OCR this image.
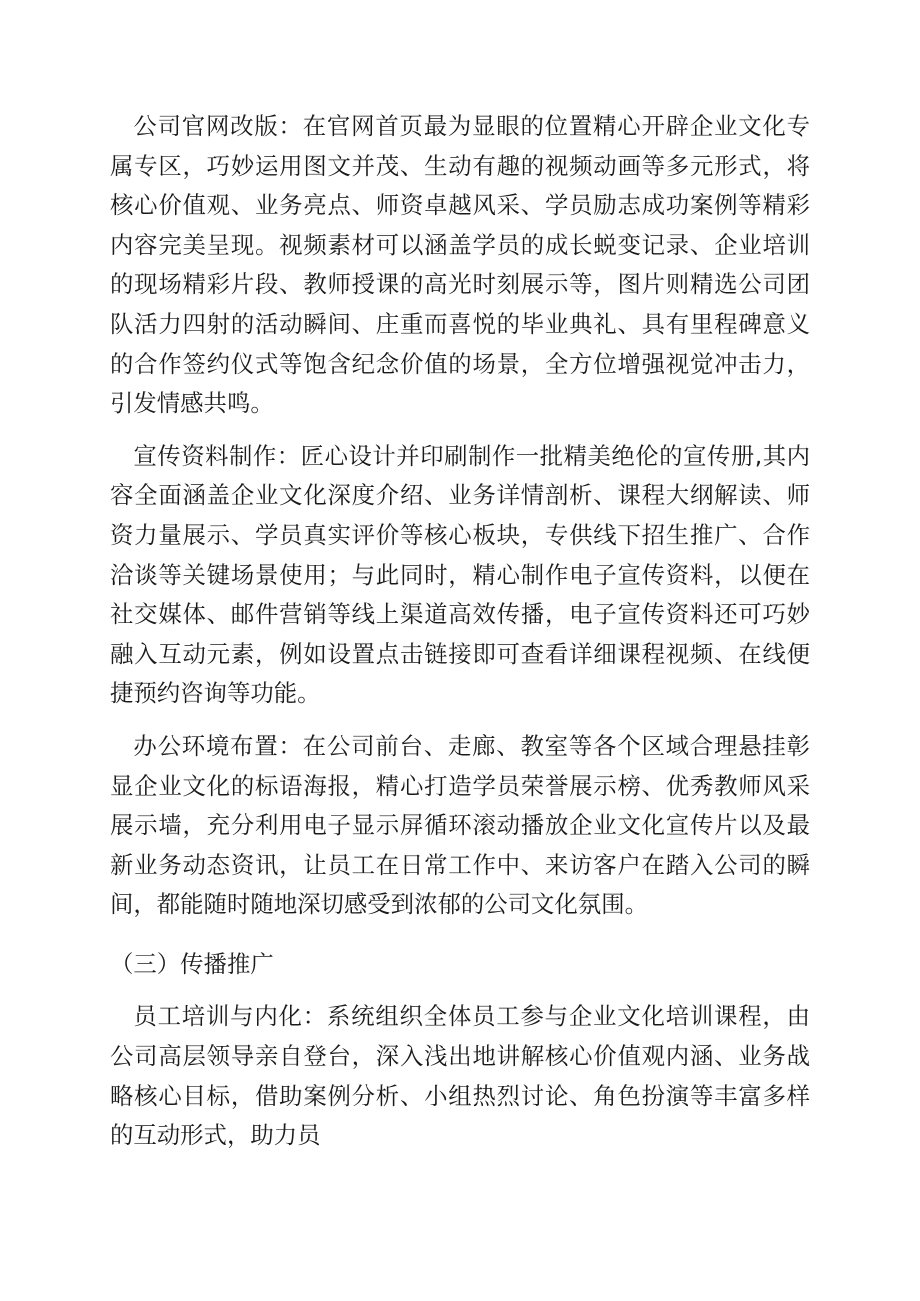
公司官网改版：在官网首页最为显眼的位置精心开辟企业文化专属专区，巧妙运用图文并茂、生动有趣的视频动画等多元形式，将核心价值观、业务亮点、师资卓越风采、学员励志成功案例等精彩内容完美呈现。视频素材可以涵盖学员的成长蜕变记录、企业培训的现场精彩片段、教师授课的高光时刻展示等，图片则精选公司团队活力四射的活动瞬间、庄重而喜悦的毕业典礼、具有里程碑意义的合作签约仪式等饱含纪念价值的场景，全方位增强视觉冲击力，引发情感共鸣。

宣传资料制作：匠心设计并印刷制作一批精美绝伦的宣传册,其内容全面涵盖企业文化深度介绍、业务详情剖析、课程大纲解读、师资力量展示、学员真实评价等核心板块，专供线下招生推广、合作洽谈等关键场景使用；与此同时，精心制作电子宣传资料，以便在社交媒体、邮件营销等线上渠道高效传播，电子宣传资料还可巧妙融入互动元素，例如设置点击链接即可查看详细课程视频、在线便捷预约咨询等功能。

办公环境布置：在公司前台、走廊、教室等各个区域合理悬挂彰显企业文化的标语海报，精心打造学员荣誉展示榜、优秀教师风采展示墙，充分利用电子显示屏循环滚动播放企业文化宣传片以及最新业务动态资讯，让员工在日常工作中、来访客户在踏入公司的瞬间，都能随时随地深切感受到浓郁的公司文化氛围。

（三）传播推广

员工培训与内化：系统组织全体员工参与企业文化培训课程，由公司高层领导亲自登台，深入浅出地讲解核心价值观内涵、业务战略核心目标，借助案例分析、小组热烈讨论、角色扮演等丰富多样的互动形式，助力员
